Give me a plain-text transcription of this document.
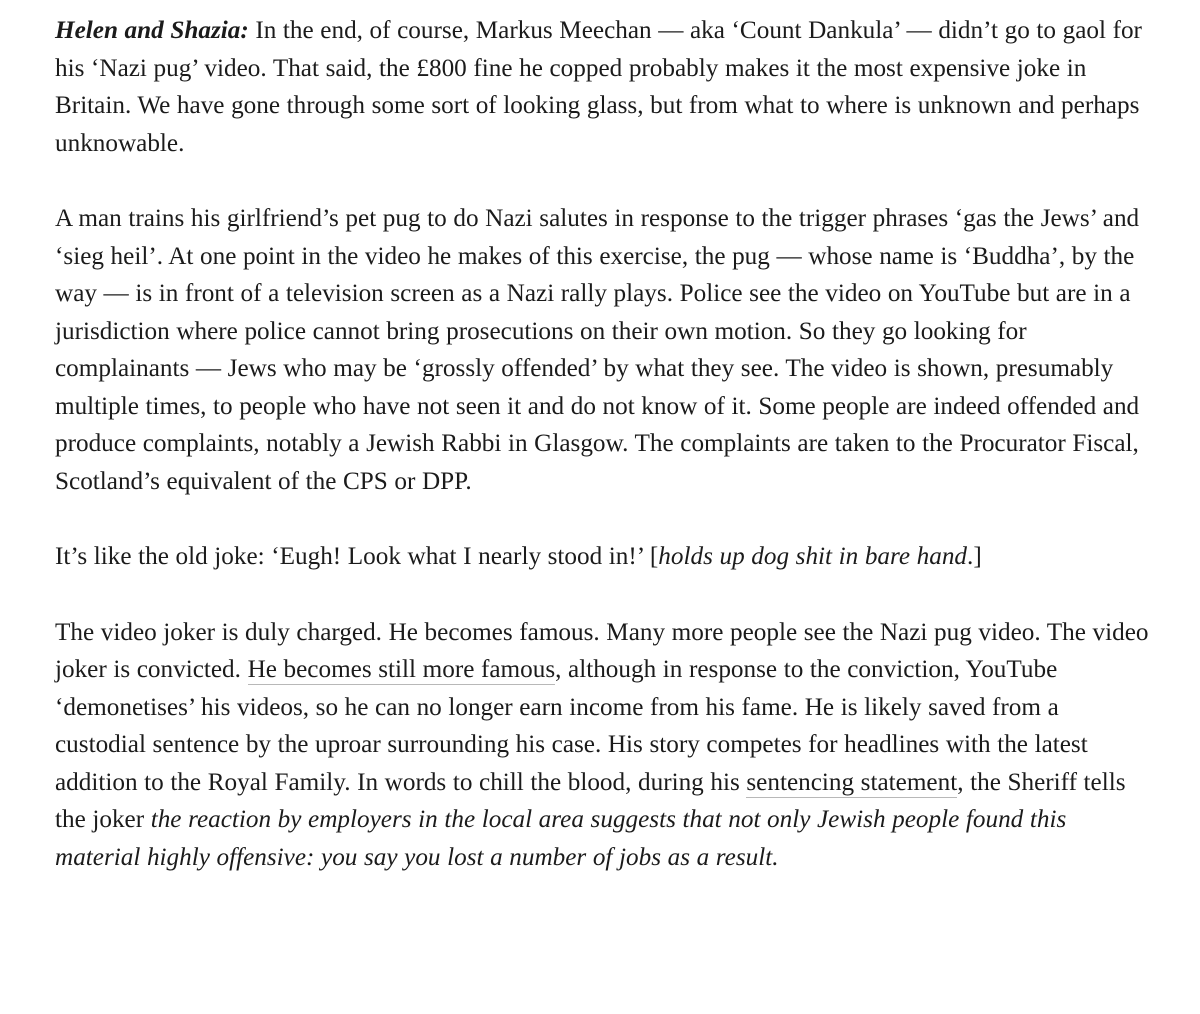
Helen and Shazia: In the end, of course, Markus Meechan — aka ‘Count Dankula’ — didn’t go to gaol for his ‘Nazi pug’ video. That said, the £800 fine he copped probably makes it the most expensive joke in Britain. We have gone through some sort of looking glass, but from what to where is unknown and perhaps unknowable.

A man trains his girlfriend’s pet pug to do Nazi salutes in response to the trigger phrases ‘gas the Jews’ and ‘sieg heil’. At one point in the video he makes of this exercise, the pug — whose name is ‘Buddha’, by the way — is in front of a television screen as a Nazi rally plays. Police see the video on YouTube but are in a jurisdiction where police cannot bring prosecutions on their own motion. So they go looking for complainants — Jews who may be ‘grossly offended’ by what they see. The video is shown, presumably multiple times, to people who have not seen it and do not know of it. Some people are indeed offended and produce complaints, notably a Jewish Rabbi in Glasgow. The complaints are taken to the Procurator Fiscal, Scotland’s equivalent of the CPS or DPP.

It’s like the old joke: ‘Eugh! Look what I nearly stood in!’ [holds up dog shit in bare hand.]

The video joker is duly charged. He becomes famous. Many more people see the Nazi pug video. The video joker is convicted. He becomes still more famous, although in response to the conviction, YouTube ‘demonetises’ his videos, so he can no longer earn income from his fame. He is likely saved from a custodial sentence by the uproar surrounding his case. His story competes for headlines with the latest addition to the Royal Family. In words to chill the blood, during his sentencing statement, the Sheriff tells the joker the reaction by employers in the local area suggests that not only Jewish people found this material highly offensive: you say you lost a number of jobs as a result.
